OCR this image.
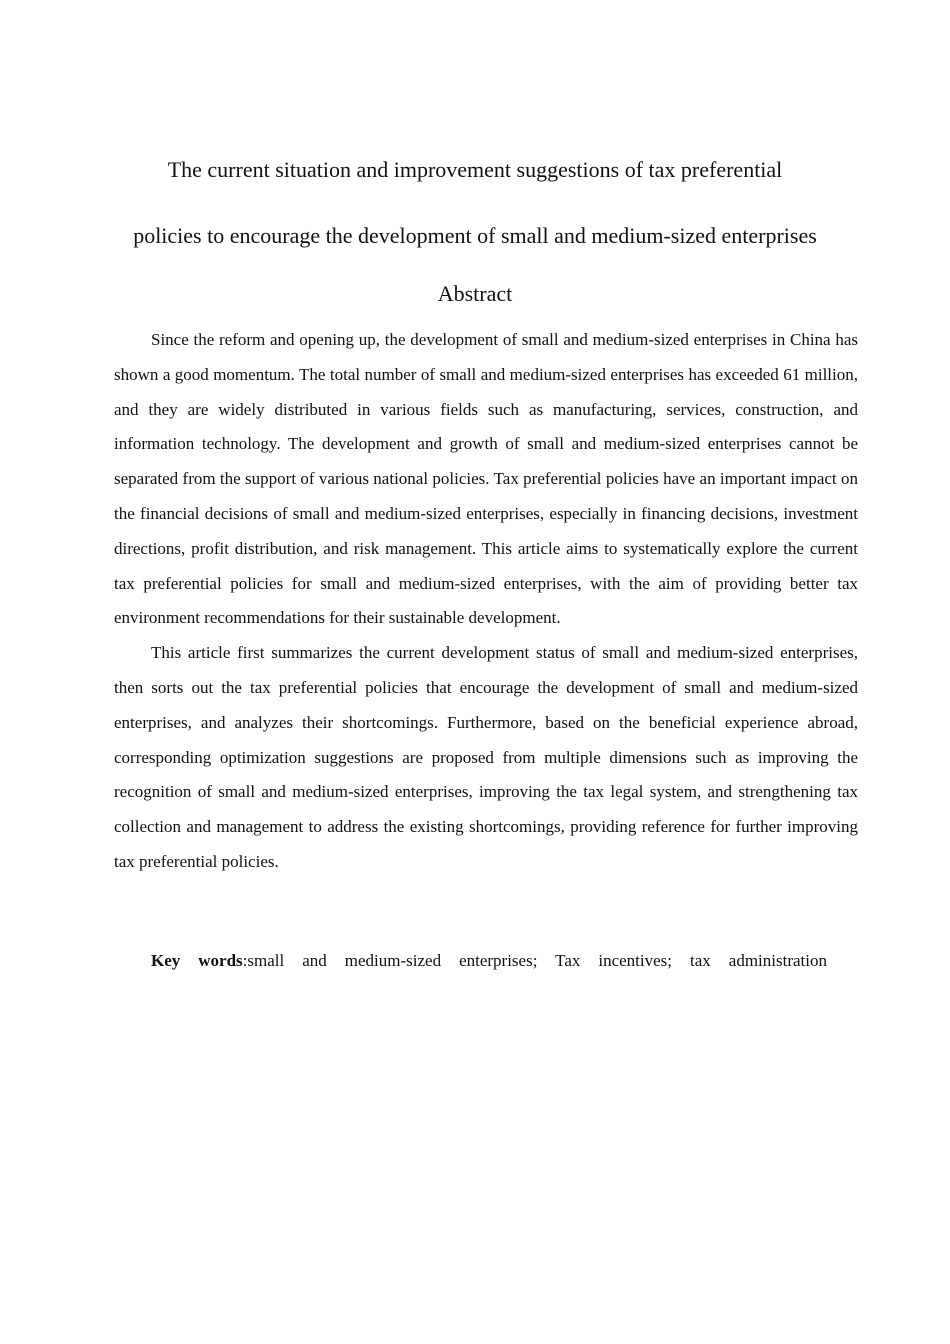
The current situation and improvement suggestions of tax preferential
policies to encourage the development of small and medium-sized enterprises
Abstract

Since the reform and opening up, the development of small and medium-sized enterprises in China has shown a good momentum. The total number of small and medium-sized enterprises has exceeded 61 million, and they are widely distributed in various fields such as manufacturing, services, construction, and information technology. The development and growth of small and medium-sized enterprises cannot be separated from the support of various national policies. Tax preferential policies have an important impact on the financial decisions of small and medium-sized enterprises, especially in financing decisions, investment directions, profit distribution, and risk management. This article aims to systematically explore the current tax preferential policies for small and medium-sized enterprises, with the aim of providing better tax environment recommendations for their sustainable development.

This article first summarizes the current development status of small and medium-sized enterprises, then sorts out the tax preferential policies that encourage the development of small and medium-sized enterprises, and analyzes their shortcomings. Furthermore, based on the beneficial experience abroad, corresponding optimization suggestions are proposed from multiple dimensions such as improving the recognition of small and medium-sized enterprises, improving the tax legal system, and strengthening tax collection and management to address the existing shortcomings, providing reference for further improving tax preferential policies.

Key words:small and medium-sized enterprises; Tax incentives; tax administration
